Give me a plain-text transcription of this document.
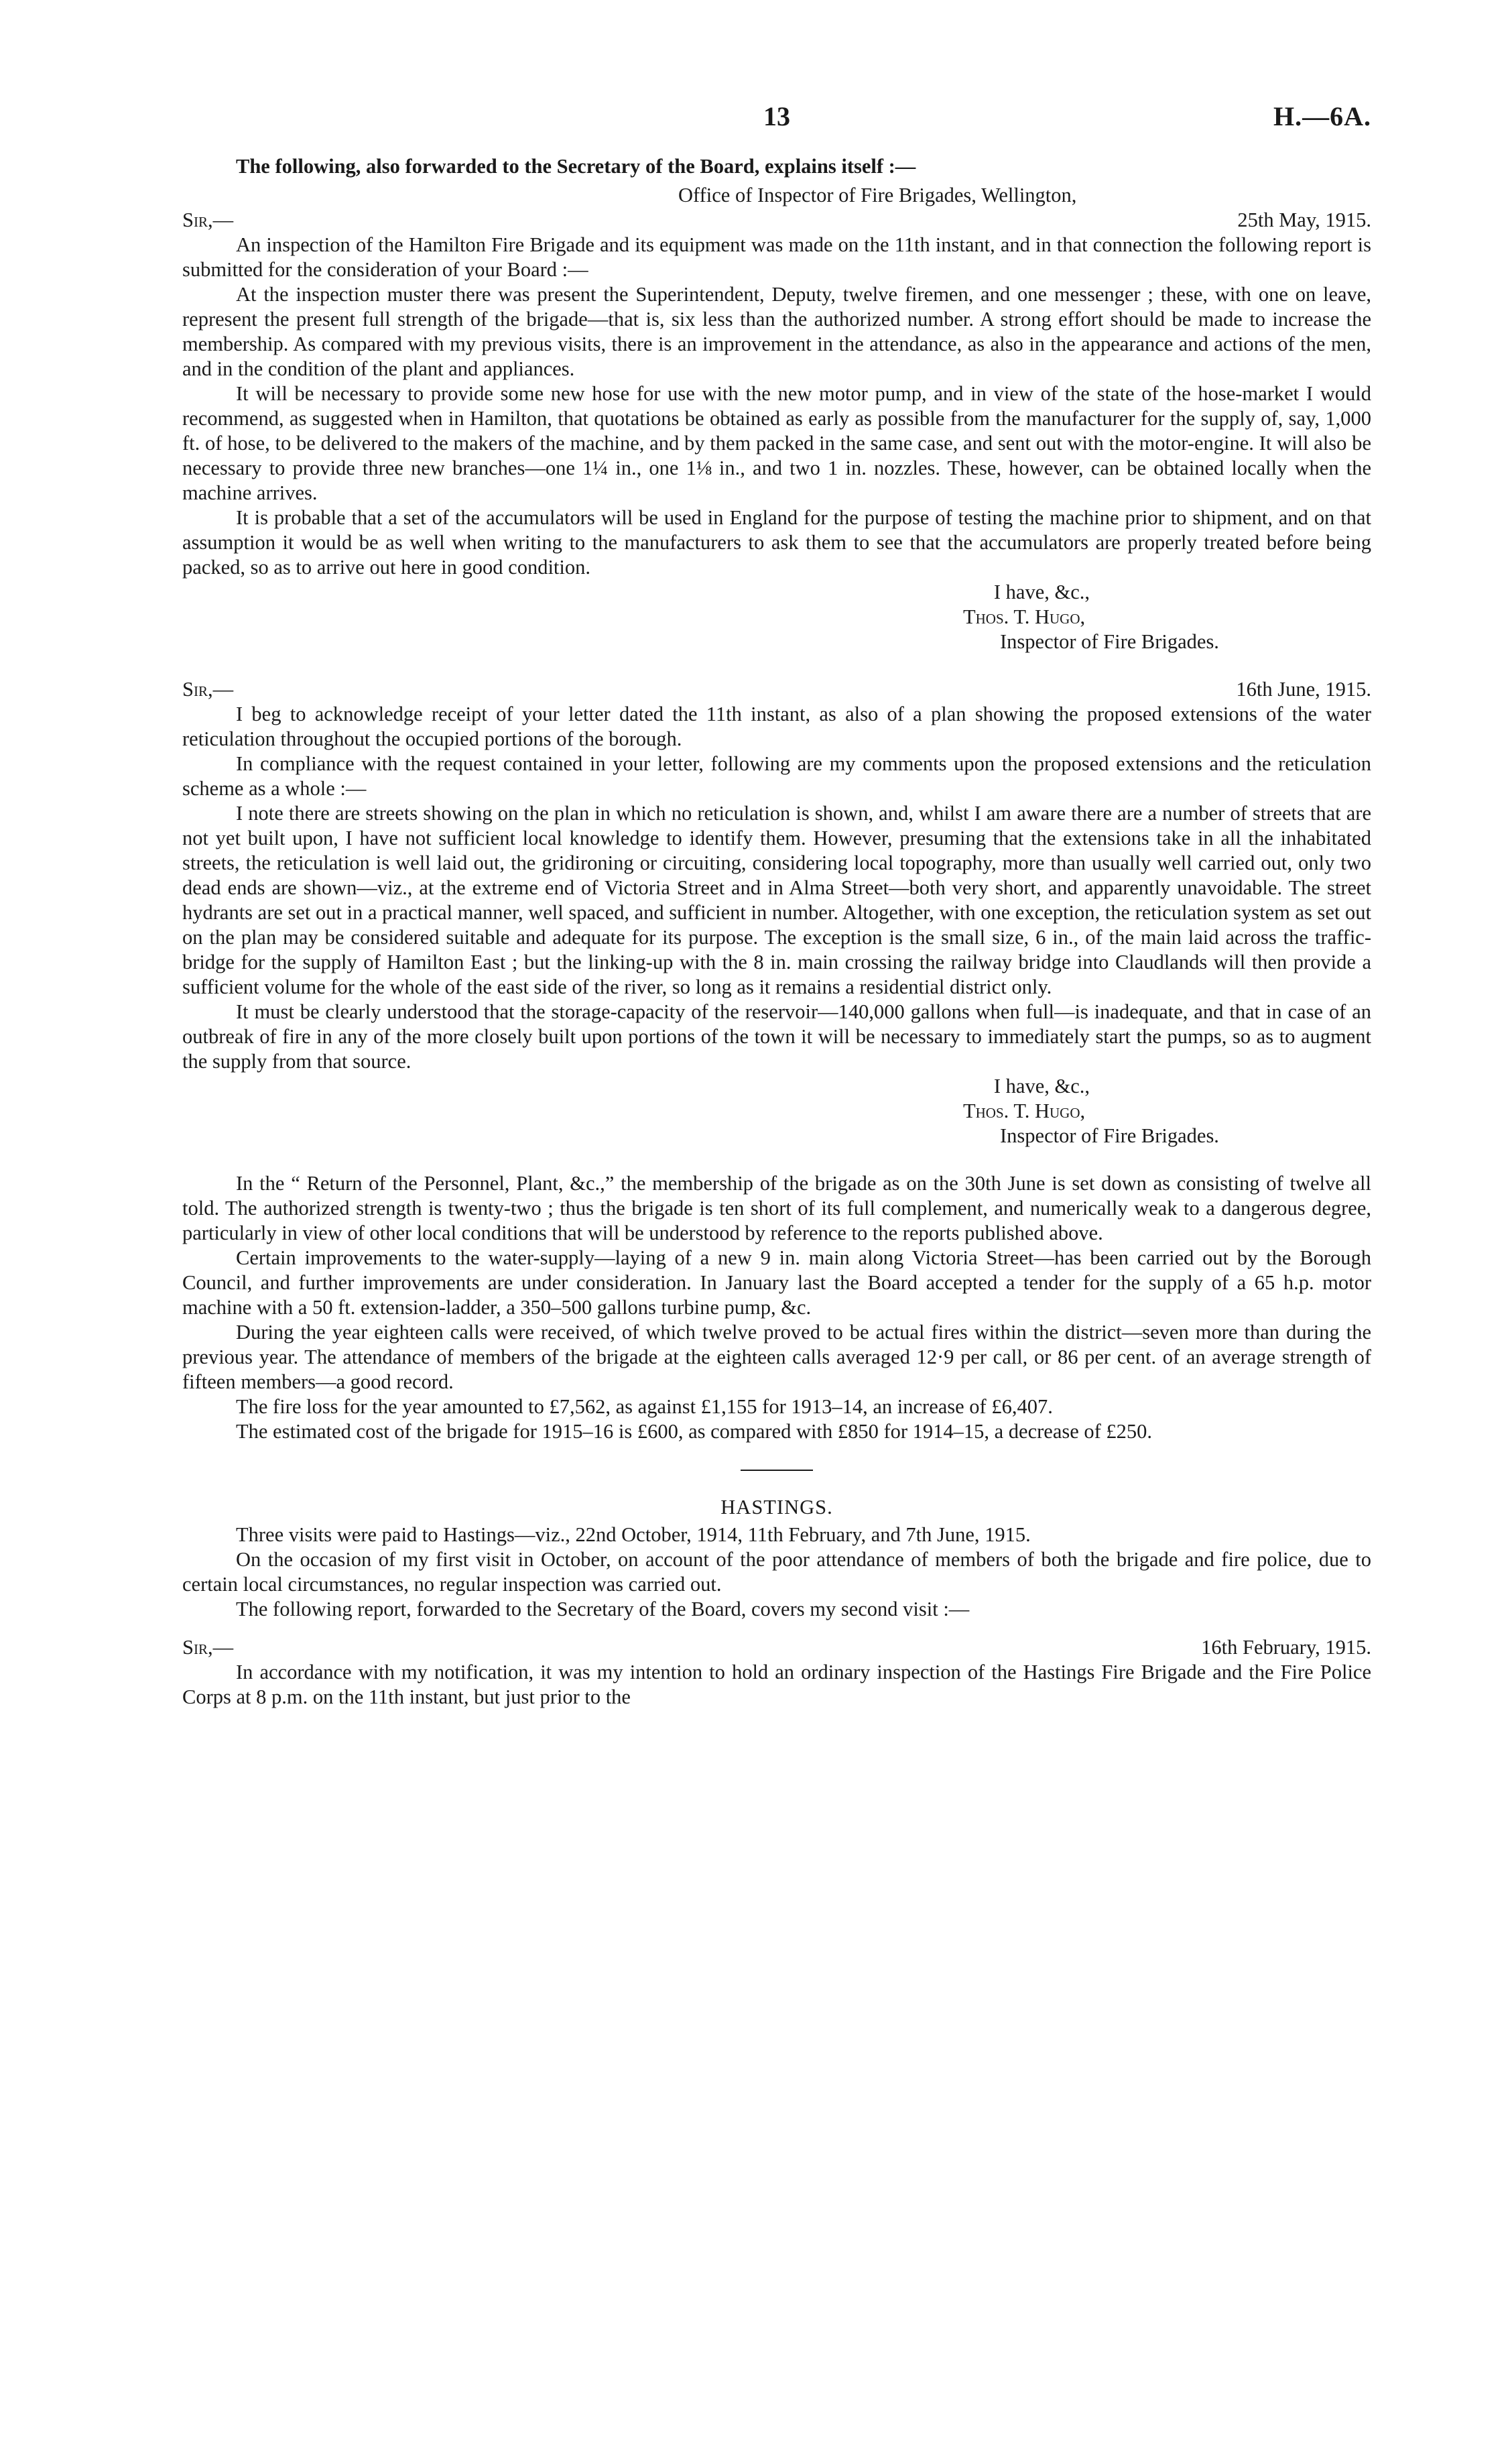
13	H.—6A.
The following, also forwarded to the Secretary of the Board, explains itself :—
Office of Inspector of Fire Brigades, Wellington,
Sir,—	25th May, 1915.

An inspection of the Hamilton Fire Brigade and its equipment was made on the 11th instant, and in that connection the following report is submitted for the consideration of your Board :—

At the inspection muster there was present the Superintendent, Deputy, twelve firemen, and one messenger ; these, with one on leave, represent the present full strength of the brigade—that is, six less than the authorized number. A strong effort should be made to increase the membership. As compared with my previous visits, there is an improvement in the attendance, as also in the appearance and actions of the men, and in the condition of the plant and appliances.

It will be necessary to provide some new hose for use with the new motor pump, and in view of the state of the hose-market I would recommend, as suggested when in Hamilton, that quotations be obtained as early as possible from the manufacturer for the supply of, say, 1,000 ft. of hose, to be delivered to the makers of the machine, and by them packed in the same case, and sent out with the motor-engine. It will also be necessary to provide three new branches—one 1¼ in., one 1⅛ in., and two 1 in. nozzles. These, however, can be obtained locally when the machine arrives.

It is probable that a set of the accumulators will be used in England for the purpose of testing the machine prior to shipment, and on that assumption it would be as well when writing to the manufacturers to ask them to see that the accumulators are properly treated before being packed, so as to arrive out here in good condition.

I have, &c.,

Thos. T. Hugo,

Inspector of Fire Brigades.

Sir,—	16th June, 1915.

I beg to acknowledge receipt of your letter dated the 11th instant, as also of a plan showing the proposed extensions of the water reticulation throughout the occupied portions of the borough.

In compliance with the request contained in your letter, following are my comments upon the proposed extensions and the reticulation scheme as a whole :—

I note there are streets showing on the plan in which no reticulation is shown, and, whilst I am aware there are a number of streets that are not yet built upon, I have not sufficient local knowledge to identify them. However, presuming that the extensions take in all the inhabitated streets, the reticulation is well laid out, the gridironing or circuiting, considering local topography, more than usually well carried out, only two dead ends are shown—viz., at the extreme end of Victoria Street and in Alma Street—both very short, and apparently unavoidable. The street hydrants are set out in a practical manner, well spaced, and sufficient in number. Altogether, with one exception, the reticulation system as set out on the plan may be considered suitable and adequate for its purpose. The exception is the small size, 6 in., of the main laid across the traffic-bridge for the supply of Hamilton East ; but the linking-up with the 8 in. main crossing the railway bridge into Claudlands will then provide a sufficient volume for the whole of the east side of the river, so long as it remains a residential district only.

It must be clearly understood that the storage-capacity of the reservoir—140,000 gallons when full—is inadequate, and that in case of an outbreak of fire in any of the more closely built upon portions of the town it will be necessary to immediately start the pumps, so as to augment the supply from that source.

I have, &c.,

Thos. T. Hugo,

Inspector of Fire Brigades.

In the “ Return of the Personnel, Plant, &c.,” the membership of the brigade as on the 30th June is set down as consisting of twelve all told. The authorized strength is twenty-two ; thus the brigade is ten short of its full complement, and numerically weak to a dangerous degree, particularly in view of other local conditions that will be understood by reference to the reports published above.

Certain improvements to the water-supply—laying of a new 9 in. main along Victoria Street—has been carried out by the Borough Council, and further improvements are under consideration. In January last the Board accepted a tender for the supply of a 65 h.p. motor machine with a 50 ft. extension-ladder, a 350–500 gallons turbine pump, &c.

During the year eighteen calls were received, of which twelve proved to be actual fires within the district—seven more than during the previous year. The attendance of members of the brigade at the eighteen calls averaged 12·9 per call, or 86 per cent. of an average strength of fifteen members—a good record.

The fire loss for the year amounted to £7,562, as against £1,155 for 1913–14, an increase of £6,407.

The estimated cost of the brigade for 1915–16 is £600, as compared with £850 for 1914–15, a decrease of £250.

HASTINGS.

Three visits were paid to Hastings—viz., 22nd October, 1914, 11th February, and 7th June, 1915.

On the occasion of my first visit in October, on account of the poor attendance of members of both the brigade and fire police, due to certain local circumstances, no regular inspection was carried out.

The following report, forwarded to the Secretary of the Board, covers my second visit :—

Sir,—	16th February, 1915.

In accordance with my notification, it was my intention to hold an ordinary inspection of the Hastings Fire Brigade and the Fire Police Corps at 8 p.m. on the 11th instant, but just prior to the
